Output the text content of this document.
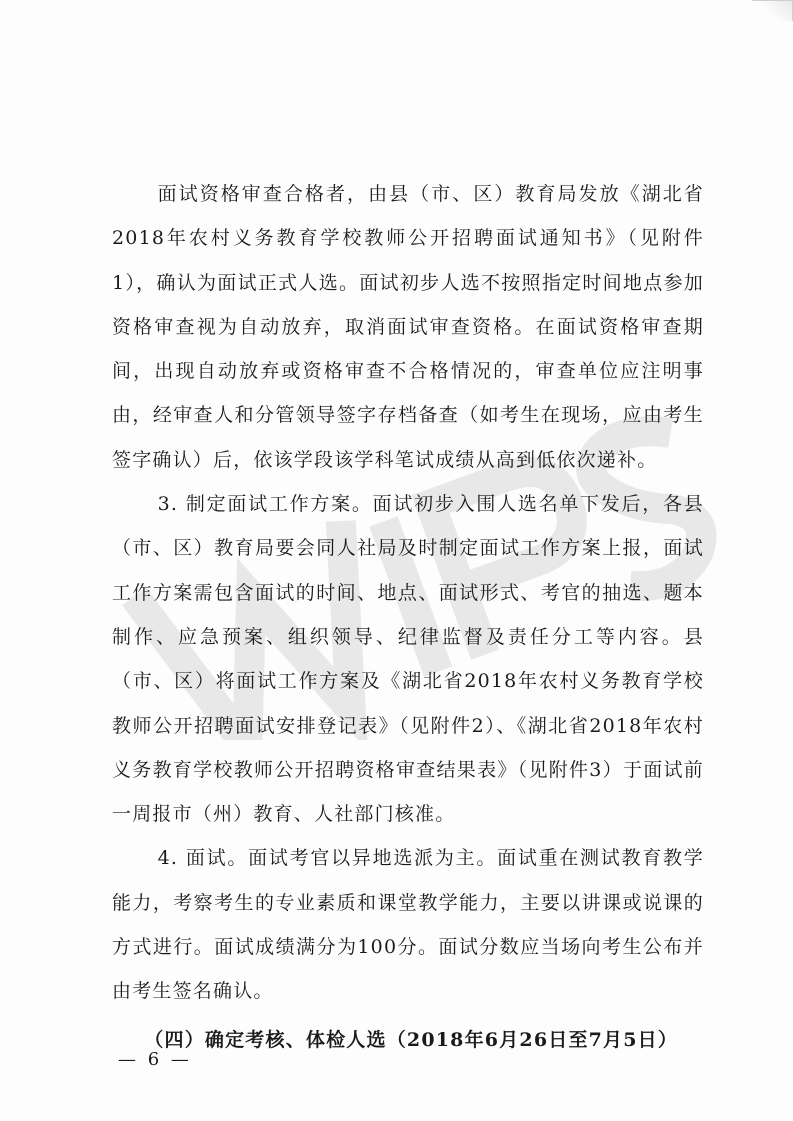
面试资格审查合格者，由县（市、区）教育局发放《湖北省2018年农村义务教育学校教师公开招聘面试通知书》（见附件1），确认为面试正式人选。面试初步人选不按照指定时间地点参加资格审查视为自动放弃，取消面试审查资格。在面试资格审查期间，出现自动放弃或资格审查不合格情况的，审查单位应注明事由，经审查人和分管领导签字存档备查（如考生在现场，应由考生签字确认）后，依该学段该学科笔试成绩从高到低依次递补。

3. 制定面试工作方案。面试初步入围人选名单下发后，各县（市、区）教育局要会同人社局及时制定面试工作方案上报，面试工作方案需包含面试的时间、地点、面试形式、考官的抽选、题本制作、应急预案、组织领导、纪律监督及责任分工等内容。县（市、区）将面试工作方案及《湖北省2018年农村义务教育学校教师公开招聘面试安排登记表》（见附件2）、《湖北省2018年农村义务教育学校教师公开招聘资格审查结果表》（见附件3）于面试前一周报市（州）教育、人社部门核准。

4. 面试。面试考官以异地选派为主。面试重在测试教育教学能力，考察考生的专业素质和课堂教学能力，主要以讲课或说课的方式进行。面试成绩满分为100分。面试分数应当场向考生公布并由考生签名确认。

（四）确定考核、体检人选（2018年6月26日至7月5日）

— 6 —
